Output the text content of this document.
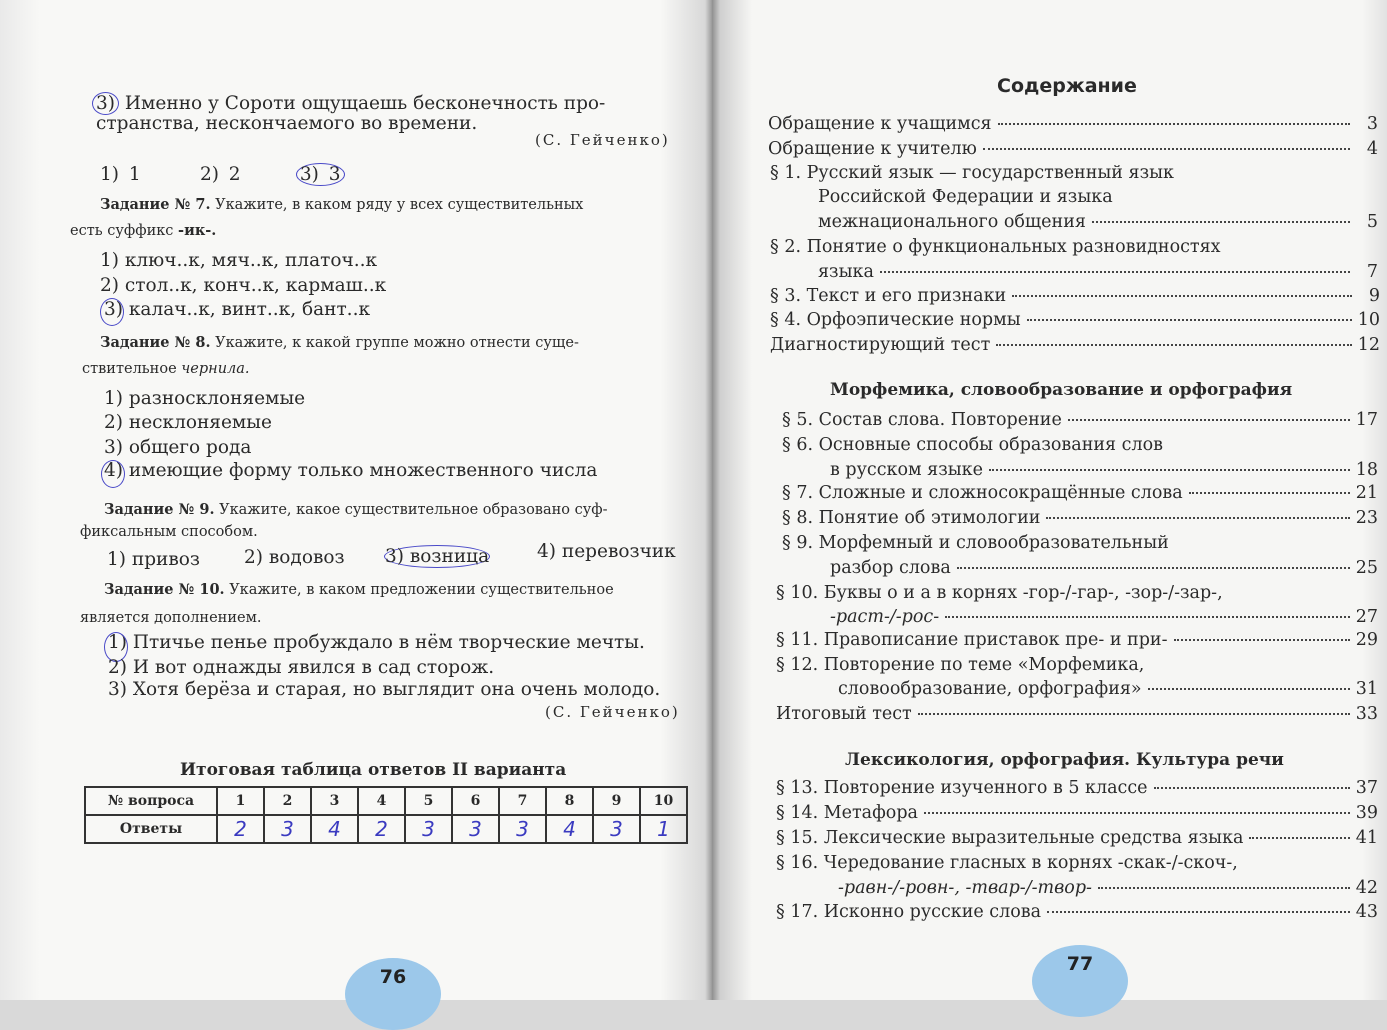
3) Именно у Сороти ощущаешь бесконечность про-
странства, нескончаемого во времени.
(С. Гейченко)
1) 1	2) 2	3) 3
Задание № 7. Укажите, в каком ряду у всех существительных
есть суффикс -ик-.
1) ключ..к, мяч..к, платоч..к
2) стол..к, конч..к, кармаш..к
3) калач..к, винт..к, бант..к
Задание № 8. Укажите, к какой группе можно отнести суще-
ствительное чернила.
1) разносклоняемые
2) несклоняемые
3) общего рода
4) имеющие форму только множественного числа
Задание № 9. Укажите, какое существительное образовано суф-
фиксальным способом.
1) привоз 2) водовоз 3) возница	4) перевозчик
Задание № 10. Укажите, в каком предложении существительное
является дополнением.
1) Птичье пенье пробуждало в нём творческие мечты.
2) И вот однажды явился в сад сторож.
3) Хотя берёза и старая, но выглядит она очень молодо.
(С. Гейченко)
Итоговая таблица ответов II варианта
№ вопроса	1	2	3	4	5	6	7	8	9	10
Ответы	2	3	4	2	3	3	3	4	3	1
76
Содержание
Обращение к учащимся	3
Обращение к учителю	4
§ 1. Русский язык — государственный язык
Российской Федерации и языка
межнационального общения	5
§ 2. Понятие о функциональных разновидностях
языка	7
§ 3. Текст и его признаки	9
§ 4. Орфоэпические нормы	10
Диагностирующий тест	12
Морфемика, словообразование и орфография
§ 5. Состав слова. Повторение	17
§ 6. Основные способы образования слов
в русском языке	18
§ 7. Сложные и сложносокращённые слова	21
§ 8. Понятие об этимологии	23
§ 9. Морфемный и словообразовательный
разбор слова	25
§ 10. Буквы о и а в корнях -гор-/-гар-, -зор-/-зар-,
-раст-/-рос-	27
§ 11. Правописание приставок пре- и при-	29
§ 12. Повторение по теме «Морфемика,
словообразование, орфография»	31
Итоговый тест	33
Лексикология, орфография. Культура речи
§ 13. Повторение изученного в 5 классе	37
§ 14. Метафора	39
§ 15. Лексические выразительные средства языка	41
§ 16. Чередование гласных в корнях -скак-/-скоч-,
-равн-/-ровн-, -твар-/-твор-	42
§ 17. Исконно русские слова	43
77
